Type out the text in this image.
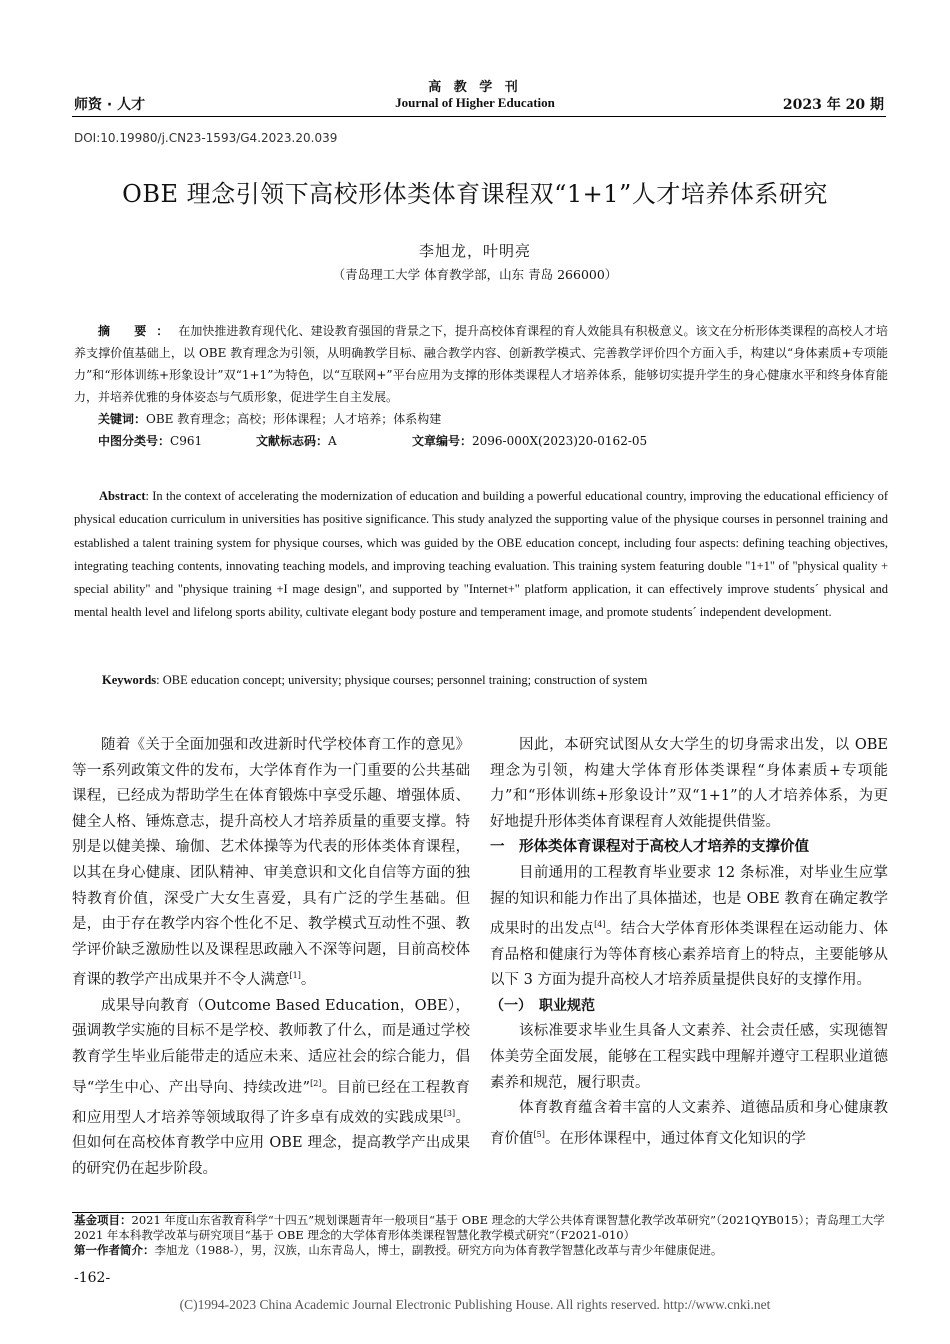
高 教 学 刊
Journal of Higher Education
师资 · 人才	2023 年 20 期
DOI:10.19980/j.CN23-1593/G4.2023.20.039
OBE 理念引领下高校形体类体育课程双“1+1”人才培养体系研究
李旭龙，叶明亮
（青岛理工大学 体育教学部，山东 青岛 266000）
摘 要：在加快推进教育现代化、建设教育强国的背景之下，提升高校体育课程的育人效能具有积极意义。该文在分析形体类课程的高校人才培养支撑价值基础上，以 OBE 教育理念为引领，从明确教学目标、融合教学内容、创新教学模式、完善教学评价四个方面入手，构建以“身体素质+专项能力”和“形体训练+形象设计”双“1+1”为特色，以“互联网+”平台应用为支撑的形体类课程人才培养体系，能够切实提升学生的身心健康水平和终身体育能力，并培养优雅的身体姿态与气质形象，促进学生自主发展。
关键词：OBE 教育理念；高校；形体课程；人才培养；体系构建
中图分类号：C961	文献标志码：A	文章编号：2096-000X(2023)20-0162-05
Abstract: In the context of accelerating the modernization of education and building a powerful educational country, improving the educational efficiency of physical education curriculum in universities has positive significance. This study analyzed the supporting value of the physique courses in personnel training and established a talent training system for physique courses, which was guided by the OBE education concept, including four aspects: defining teaching objectives, integrating teaching contents, innovating teaching models, and improving teaching evaluation. This training system featuring double "1+1" of "physical quality + special ability" and "physique training +I mage design", and supported by "Internet+" platform application, it can effectively improve students´ physical and mental health level and lifelong sports ability, cultivate elegant body posture and temperament image, and promote students´ independent development.
Keywords: OBE education concept; university; physique courses; personnel training; construction of system

随着《关于全面加强和改进新时代学校体育工作的意见》等一系列政策文件的发布，大学体育作为一门重要的公共基础课程，已经成为帮助学生在体育锻炼中享受乐趣、增强体质、健全人格、锤炼意志，提升高校人才培养质量的重要支撑。特别是以健美操、瑜伽、艺术体操等为代表的形体类体育课程，以其在身心健康、团队精神、审美意识和文化自信等方面的独特教育价值，深受广大女生喜爱，具有广泛的学生基础。但是，由于存在教学内容个性化不足、教学模式互动性不强、教学评价缺乏激励性以及课程思政融入不深等问题，目前高校体育课的教学产出成果并不令人满意[1]。

成果导向教育（Outcome Based Education，OBE），强调教学实施的目标不是学校、教师教了什么，而是通过学校教育学生毕业后能带走的适应未来、适应社会的综合能力，倡导“学生中心、产出导向、持续改进”[2]。目前已经在工程教育和应用型人才培养等领域取得了许多卓有成效的实践成果[3]。但如何在高校体育教学中应用 OBE 理念，提高教学产出成果的研究仍在起步阶段。

因此，本研究试图从女大学生的切身需求出发，以 OBE 理念为引领，构建大学体育形体类课程“身体素质+专项能力”和“形体训练+形象设计”双“1+1”的人才培养体系，为更好地提升形体类体育课程育人效能提供借鉴。

一　形体类体育课程对于高校人才培养的支撑价值

目前通用的工程教育毕业要求 12 条标准，对毕业生应掌握的知识和能力作出了具体描述，也是 OBE 教育在确定教学成果时的出发点[4]。结合大学体育形体类课程在运动能力、体育品格和健康行为等体育核心素养培育上的特点，主要能够从以下 3 方面为提升高校人才培养质量提供良好的支撑作用。

（一）　职业规范

该标准要求毕业生具备人文素养、社会责任感，实现德智体美劳全面发展，能够在工程实践中理解并遵守工程职业道德素养和规范，履行职责。

体育教育蕴含着丰富的人文素养、道德品质和身心健康教育价值[5]。在形体课程中，通过体育文化知识的学

基金项目：2021 年度山东省教育科学“十四五”规划课题青年一般项目“基于 OBE 理念的大学公共体育课智慧化教学改革研究”（2021QYB015）；青岛理工大学 2021 年本科教学改革与研究项目“基于 OBE 理念的大学体育形体类课程智慧化教学模式研究”（F2021-010）
第一作者简介：李旭龙（1988-），男，汉族，山东青岛人，博士，副教授。研究方向为体育教学智慧化改革与青少年健康促进。
-162-
(C)1994-2023 China Academic Journal Electronic Publishing House. All rights reserved. http://www.cnki.net
